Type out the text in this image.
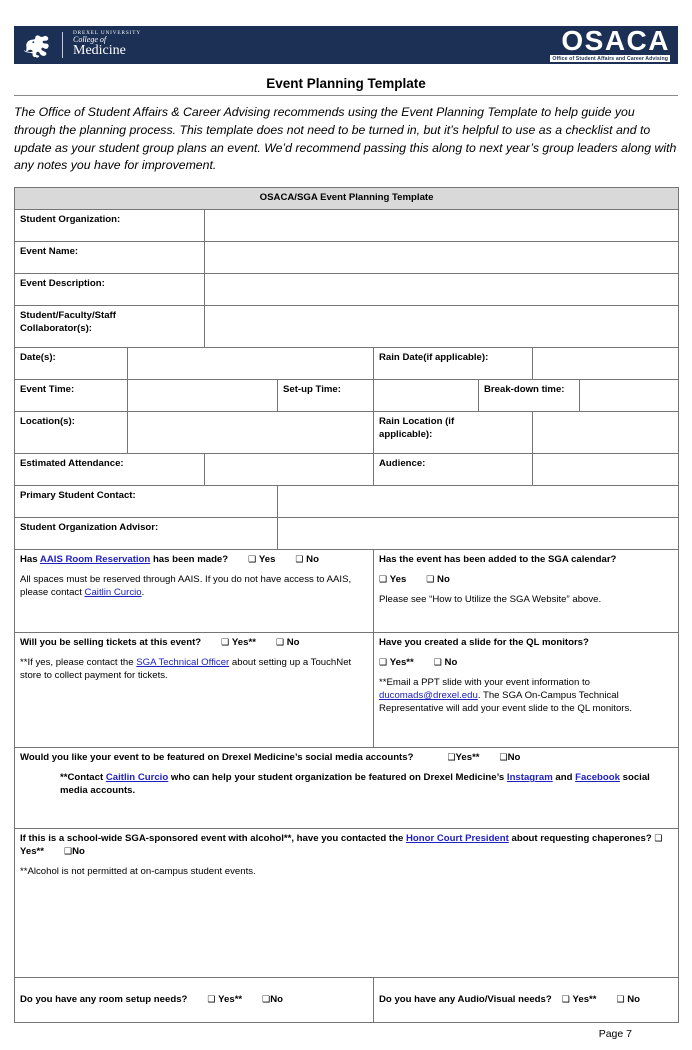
DREXEL UNIVERSITY
College of
Medicine	OSACA
Office of Student Affairs and Career Advising
Event Planning Template

The Office of Student Affairs & Career Advising recommends using the Event Planning Template to help guide you through the planning process. This template does not need to be turned in, but it’s helpful to use as a checklist and to update as your student group plans an event. We’d recommend passing this along to next year’s group leaders along with any notes you have for improvement.

OSACA/SGA Event Planning Template							
Student Organization:							
Event Name:							
Event Description:							

Student/Faculty/Staff
Collaborator(s):							

Date(s):				Rain Date(if applicable):			
Event Time:			Set-up Time:		Break-down time:		
Location(s):				Rain Location (if
applicable):			

Estimated Attendance:				Audience:			
Primary Student Contact:							
Student Organization Advisor:							

Has AAIS Room Reservation has been made? ❑ Yes ❑ No
All spaces must be reserved through AAIS. If you do not have access to AAIS, please contact Caitlin Curcio.

Has the event has been added to the SGA calendar?
❑ Yes ❑ No
Please see “How to Utilize the SGA Website” above.

Will you be selling tickets at this event? ❑ Yes** ❑ No
**If yes, please contact the SGA Technical Officer about setting up a TouchNet store to collect payment for tickets.

Have you created a slide for the QL monitors?
❑ Yes** ❑ No
**Email a PPT slide with your event information to ducomads@drexel.edu. The SGA On-Campus Technical Representative will add your event slide to the QL monitors.

Would you like your event to be featured on Drexel Medicine’s social media accounts? ❑Yes** ❑No
**Contact Caitlin Curcio who can help your student organization be featured on Drexel Medicine’s Instagram and Facebook social media accounts.							

If this is a school-wide SGA-sponsored event with alcohol**, have you contacted the Honor Court President about requesting chaperones? ❑Yes** ❑No
**Alcohol is not permitted at on-campus student events.							

Do you have any room setup needs? ❑ Yes** ❑No				Do you have any Audio/Visual needs? ❑ Yes** ❑ No			
Page 7
